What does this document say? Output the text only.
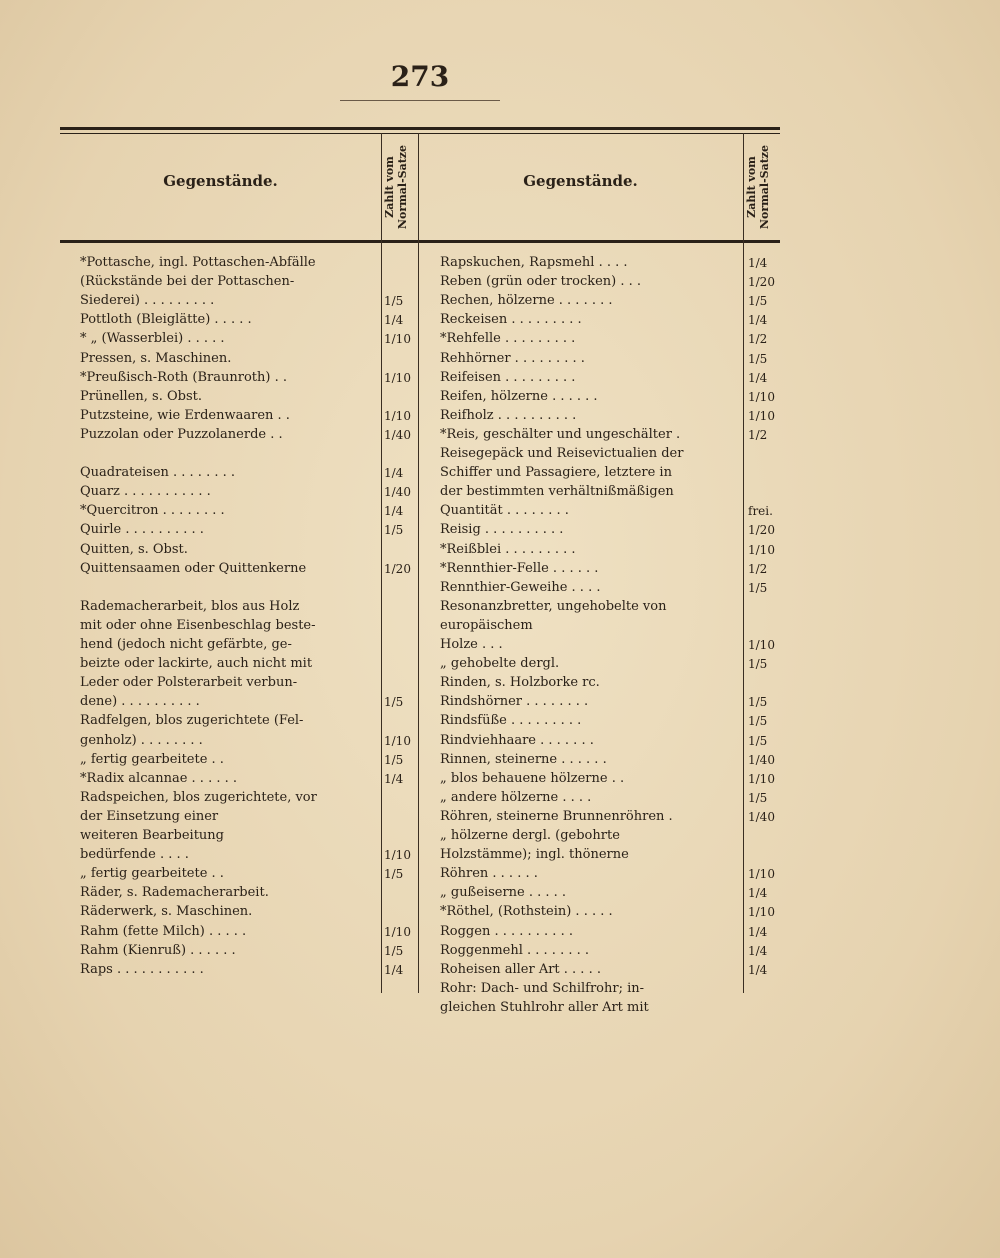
273
Gegenstände.	Zahlt vom Normal-Satze	Gegenstände.	Zahlt vom Normal-Satze
*Pottasche, ingl. Pottaschen-Abfälle
(Rückstände bei der Pottaschen-
Siederei) . . . . . . . . .	1/5
Pottloth (Bleiglätte) . . . . .	1/4
* „ (Wasserblei) . . . . .	1/10
Pressen, s. Maschinen.
*Preußisch-Roth (Braunroth) . .	1/10
Prünellen, s. Obst.
Putzsteine, wie Erdenwaaren . .	1/10
Puzzolan oder Puzzolanerde . .	1/40
Quadrateisen . . . . . . . .	1/4
Quarz . . . . . . . . . . .	1/40
*Quercitron . . . . . . . .	1/4
Quirle . . . . . . . . . .	1/5
Quitten, s. Obst.
Quittensaamen oder Quittenkerne	1/20
Rademacherarbeit, blos aus Holz
mit oder ohne Eisenbeschlag beste-
hend (jedoch nicht gefärbte, ge-
beizte oder lackirte, auch nicht mit
Leder oder Polsterarbeit verbun-
dene) . . . . . . . . . .	1/5
Radfelgen, blos zugerichtete (Fel-
genholz) . . . . . . . .	1/10
„ fertig gearbeitete . .	1/5
*Radix alcannae . . . . . .	1/4
Radspeichen, blos zugerichtete, vor
der Einsetzung einer
weiteren Bearbeitung
bedürfende . . . .	1/10
„ fertig gearbeitete . .	1/5
Räder, s. Rademacherarbeit.
Räderwerk, s. Maschinen.
Rahm (fette Milch) . . . . .	1/10
Rahm (Kienruß) . . . . . .	1/5
Raps . . . . . . . . . . .	1/4
Rapskuchen, Rapsmehl . . . .	1/4
Reben (grün oder trocken) . . .	1/20
Rechen, hölzerne . . . . . . .	1/5
Reckeisen . . . . . . . . .	1/4
*Rehfelle . . . . . . . . .	1/2
Rehhörner . . . . . . . . .	1/5
Reifeisen . . . . . . . . .	1/4
Reifen, hölzerne . . . . . .	1/10
Reifholz . . . . . . . . . .	1/10
*Reis, geschälter und ungeschälter .	1/2
Reisegepäck und Reisevictualien der
Schiffer und Passagiere, letztere in
der bestimmten verhältnißmäßigen
Quantität . . . . . . . .	frei.
Reisig . . . . . . . . . .	1/20
*Reißblei . . . . . . . . .	1/10
*Rennthier-Felle . . . . . .	1/2
Rennthier-Geweihe . . . .	1/5
Resonanzbretter, ungehobelte von
europäischem
Holze . . .	1/10
„ gehobelte dergl.	1/5
Rinden, s. Holzborke rc.
Rindshörner . . . . . . . .	1/5
Rindsfüße . . . . . . . . .	1/5
Rindviehhaare . . . . . . .	1/5
Rinnen, steinerne . . . . . .	1/40
„ blos behauene hölzerne . .	1/10
„ andere hölzerne . . . .	1/5
Röhren, steinerne Brunnenröhren .	1/40
„ hölzerne dergl. (gebohrte
Holzstämme); ingl. thönerne
Röhren . . . . . .	1/10
„ gußeiserne . . . . .	1/4
*Röthel, (Rothstein) . . . . .	1/10
Roggen . . . . . . . . . .	1/4
Roggenmehl . . . . . . . .	1/4
Roheisen aller Art . . . . .	1/4
Rohr: Dach- und Schilfrohr; in-
gleichen Stuhlrohr aller Art mit
